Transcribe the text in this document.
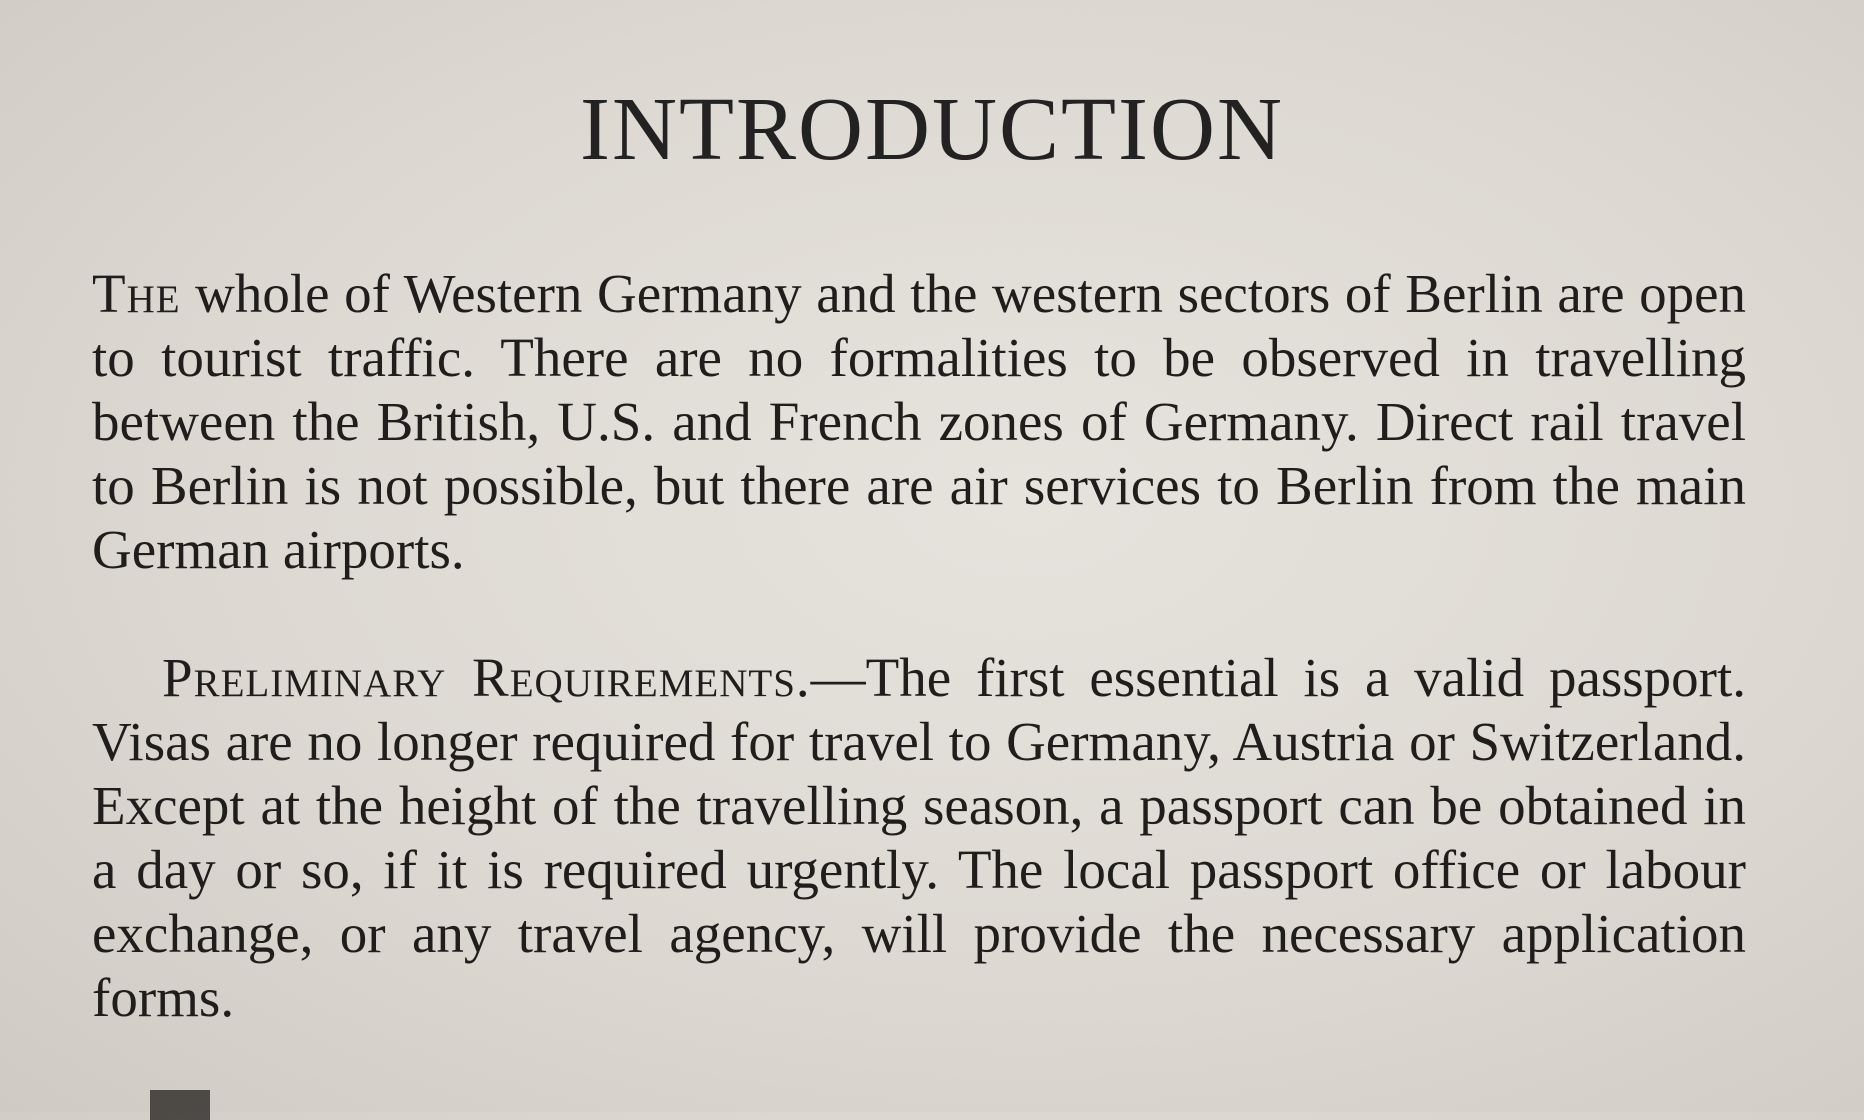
INTRODUCTION

The whole of Western Germany and the western sectors of Berlin are open to tourist traffic. There are no formalities to be observed in travelling between the British, U.S. and French zones of Germany. Direct rail travel to Berlin is not possible, but there are air services to Berlin from the main German airports.

Preliminary Requirements.—The first essential is a valid passport. Visas are no longer required for travel to Germany, Austria or Switzerland. Except at the height of the travelling season, a passport can be obtained in a day or so, if it is required urgently. The local passport office or labour exchange, or any travel agency, will provide the necessary application forms.
